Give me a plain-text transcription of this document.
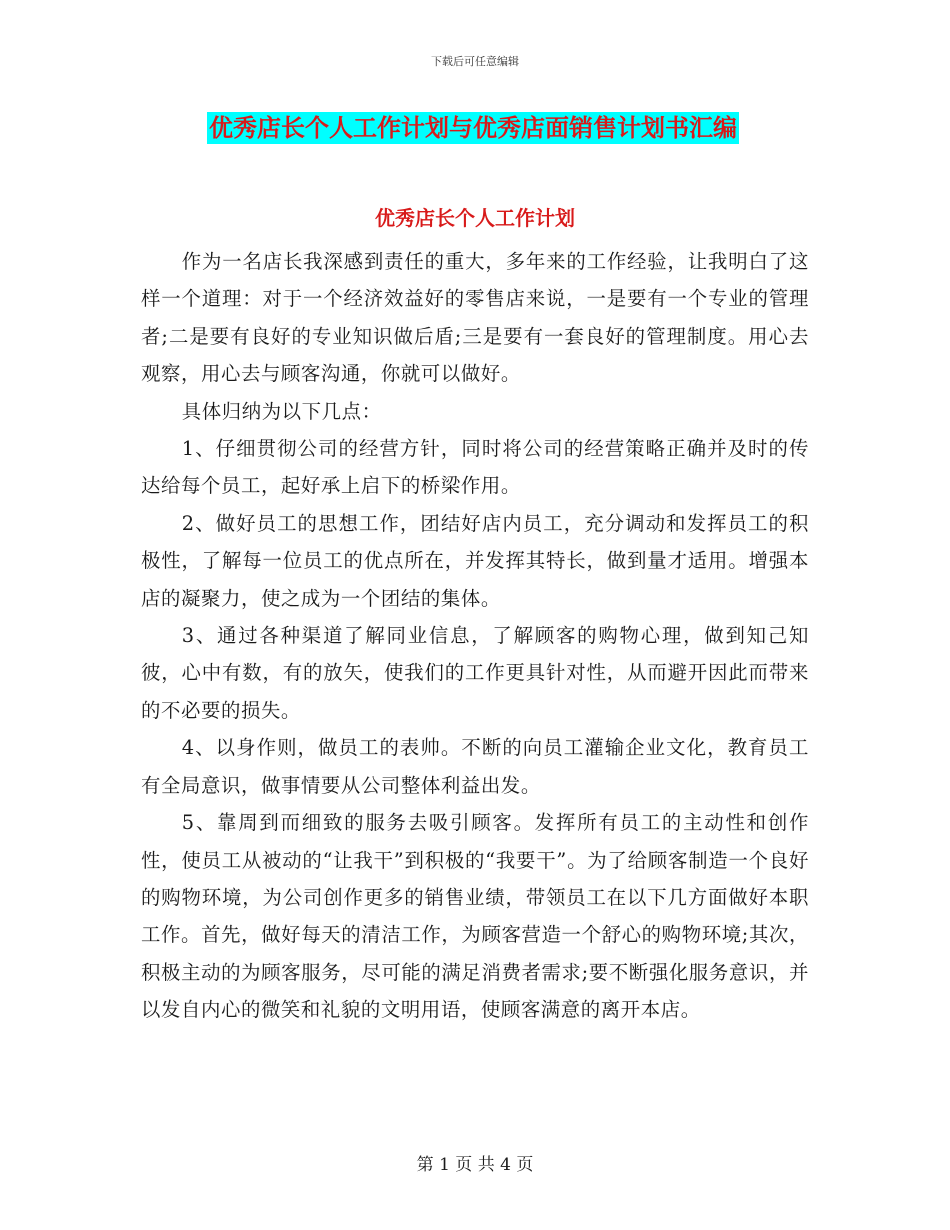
下载后可任意编辑
优秀店长个人工作计划与优秀店面销售计划书汇编
优秀店长个人工作计划

作为一名店长我深感到责任的重大，多年来的工作经验，让我明白了这样一个道理：对于一个经济效益好的零售店来说，一是要有一个专业的管理者;二是要有良好的专业知识做后盾;三是要有一套良好的管理制度。用心去观察，用心去与顾客沟通，你就可以做好。

具体归纳为以下几点：

1、仔细贯彻公司的经营方针，同时将公司的经营策略正确并及时的传达给每个员工，起好承上启下的桥梁作用。

2、做好员工的思想工作，团结好店内员工，充分调动和发挥员工的积极性，了解每一位员工的优点所在，并发挥其特长，做到量才适用。增强本店的凝聚力，使之成为一个团结的集体。

3、通过各种渠道了解同业信息，了解顾客的购物心理，做到知己知彼，心中有数，有的放矢，使我们的工作更具针对性，从而避开因此而带来的不必要的损失。

4、以身作则，做员工的表帅。不断的向员工灌输企业文化，教育员工有全局意识，做事情要从公司整体利益出发。

5、靠周到而细致的服务去吸引顾客。发挥所有员工的主动性和创作性，使员工从被动的“让我干”到积极的“我要干”。为了给顾客制造一个良好的购物环境，为公司创作更多的销售业绩，带领员工在以下几方面做好本职工作。首先，做好每天的清洁工作，为顾客营造一个舒心的购物环境;其次，积极主动的为顾客服务，尽可能的满足消费者需求;要不断强化服务意识，并以发自内心的微笑和礼貌的文明用语，使顾客满意的离开本店。

第 1 页 共 4 页
